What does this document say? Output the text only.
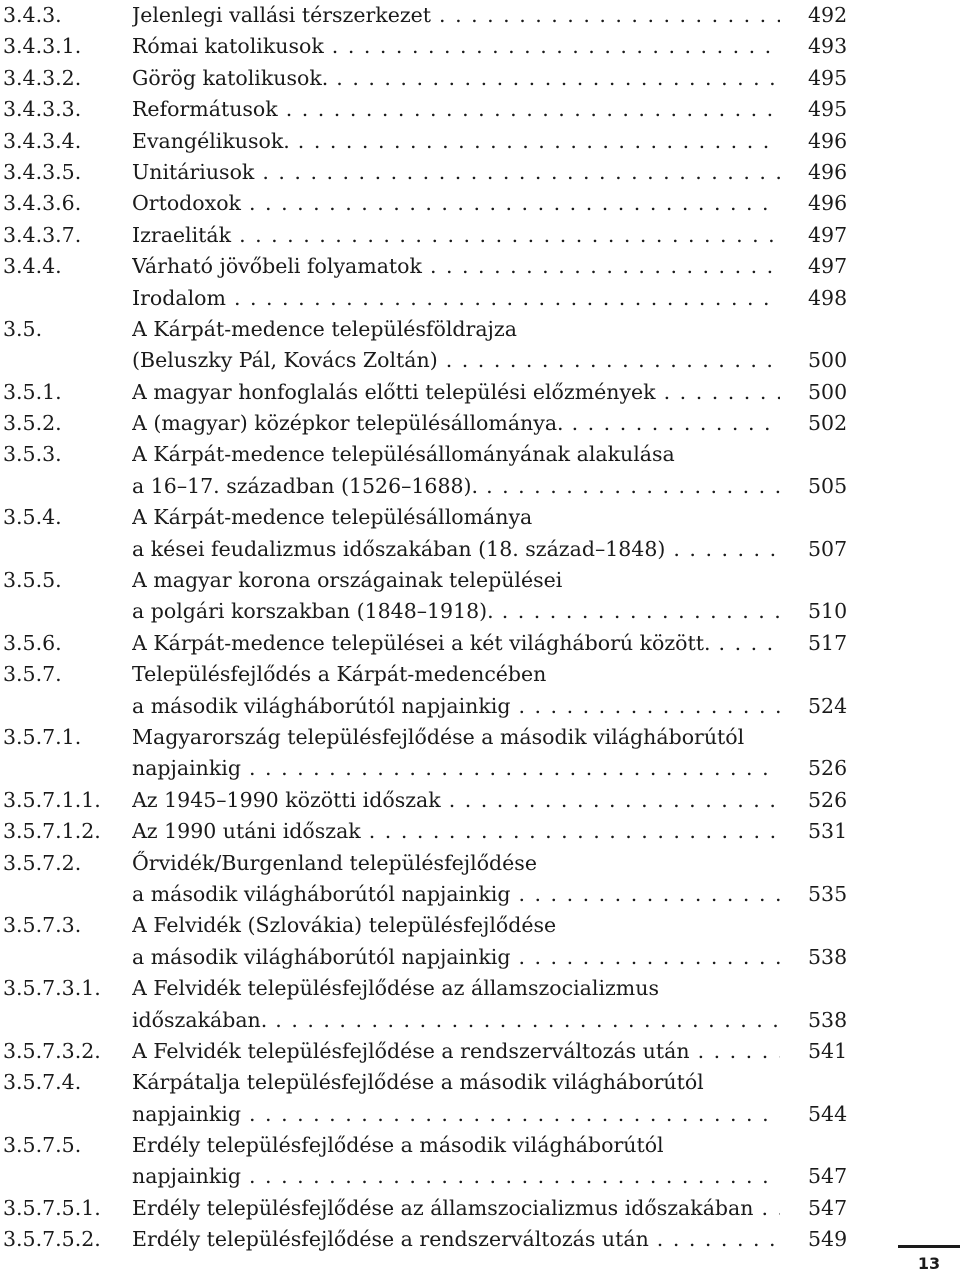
3.4.3.	Jelenlegi vallási térszerkezet . . .	492
3.4.3.1. Római katolikusok . . .	493
3.4.3.2. Görög katolikusok. . . .	495
3.4.3.3. Reformátusok . . .	495
3.4.3.4. Evangélikusok. . . .	496
3.4.3.5. Unitáriusok . . .	496
3.4.3.6. Ortodoxok . . .	496
3.4.3.7. Izraeliták . . .	497
3.4.4.	Várható jövőbeli folyamatok . . .	497
Irodalom . . .	498
3.5.	A Kárpát-medence településföldrajza
(Beluszky Pál, Kovács Zoltán) . . .	500
3.5.1.	A magyar honfoglalás előtti települési előzmények . . .	500
3.5.2.	A (magyar) középkor településállománya. . . .	502
3.5.3.	A Kárpát-medence településállományának alakulása
a 16–17. században (1526–1688). . . .	505
3.5.4.	A Kárpát-medence településállománya
a kései feudalizmus időszakában (18. század–1848) . . .	507
3.5.5.	A magyar korona országainak települései
a polgári korszakban (1848–1918). . . .	510
3.5.6.	A Kárpát-medence települései a két világháború között. . . .	517
3.5.7.	Településfejlődés a Kárpát-medencében
a második világháborútól napjainkig . . .	524
3.5.7.1. Magyarország településfejlődése a második világháborútól
napjainkig . . .	526
3.5.7.1.1. Az 1945–1990 közötti időszak . . .	526
3.5.7.1.2. Az 1990 utáni időszak . . .	531
3.5.7.2. Őrvidék/Burgenland településfejlődése
a második világháborútól napjainkig . . .	535
3.5.7.3. A Felvidék (Szlovákia) településfejlődése
a második világháborútól napjainkig . . .	538
3.5.7.3.1. A Felvidék településfejlődése az államszocializmus
időszakában. . . .	538
3.5.7.3.2. A Felvidék településfejlődése a rendszerváltozás után . . .	541
3.5.7.4. Kárpátalja településfejlődése a második világháborútól
napjainkig . . .	544
3.5.7.5. Erdély településfejlődése a második világháborútól
napjainkig . . .	547
3.5.7.5.1. Erdély településfejlődése az államszocializmus időszakában . . .	547
3.5.7.5.2. Erdély településfejlődése a rendszerváltozás után . . .	549
13
